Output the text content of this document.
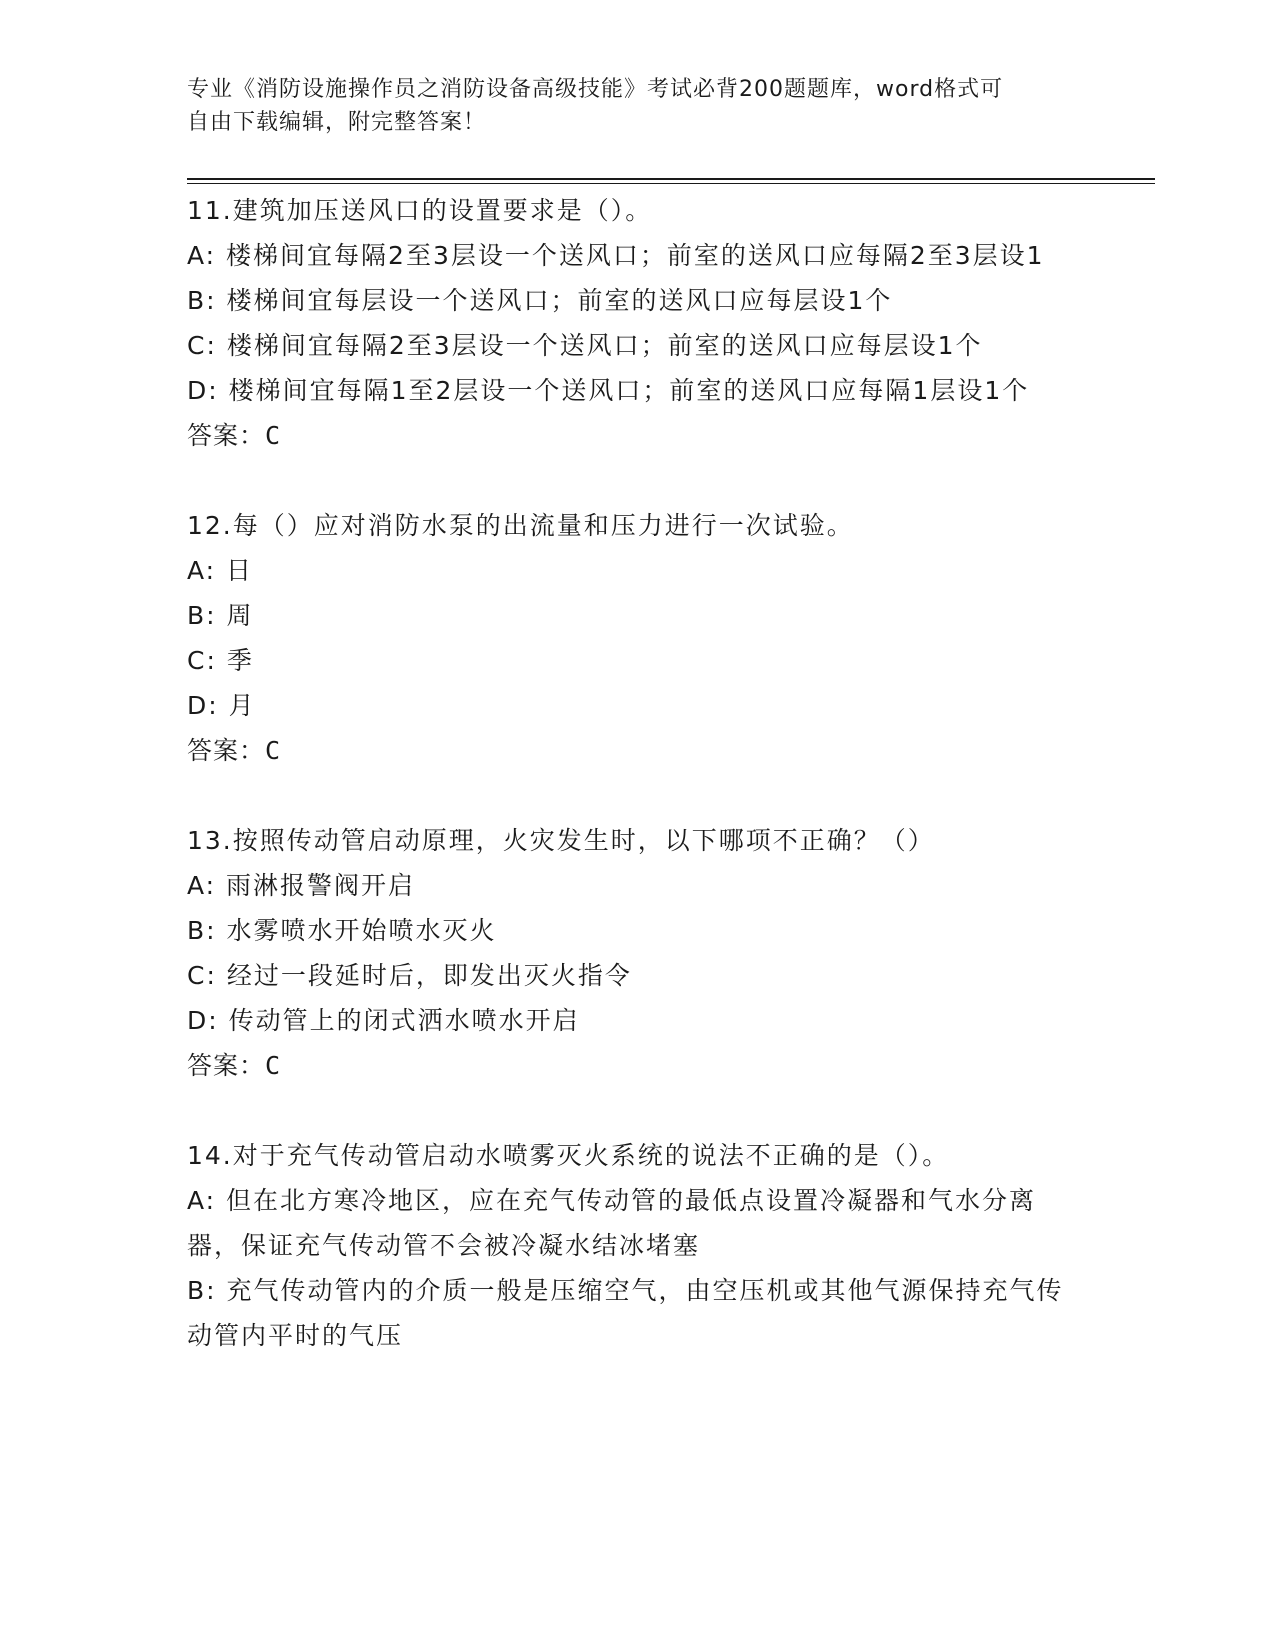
专业《消防设施操作员之消防设备高级技能》考试必背200题题库，word格式可
自由下载编辑，附完整答案！

11.建筑加压送风口的设置要求是（）。

A: 楼梯间宜每隔2至3层设一个送风口；前室的送风口应每隔2至3层设1

B: 楼梯间宜每层设一个送风口；前室的送风口应每层设1个

C: 楼梯间宜每隔2至3层设一个送风口；前室的送风口应每层设1个

D: 楼梯间宜每隔1至2层设一个送风口；前室的送风口应每隔1层设1个

答案：C

12.每（）应对消防水泵的出流量和压力进行一次试验。

A: 日

B: 周

C: 季

D: 月

答案：C

13.按照传动管启动原理，火灾发生时，以下哪项不正确？（）

A: 雨淋报警阀开启

B: 水雾喷水开始喷水灭火

C: 经过一段延时后，即发出灭火指令

D: 传动管上的闭式洒水喷水开启

答案：C

14.对于充气传动管启动水喷雾灭火系统的说法不正确的是（）。

A: 但在北方寒冷地区，应在充气传动管的最低点设置冷凝器和气水分离器，保证充气传动管不会被冷凝水结冰堵塞

B: 充气传动管内的介质一般是压缩空气，由空压机或其他气源保持充气传动管内平时的气压
